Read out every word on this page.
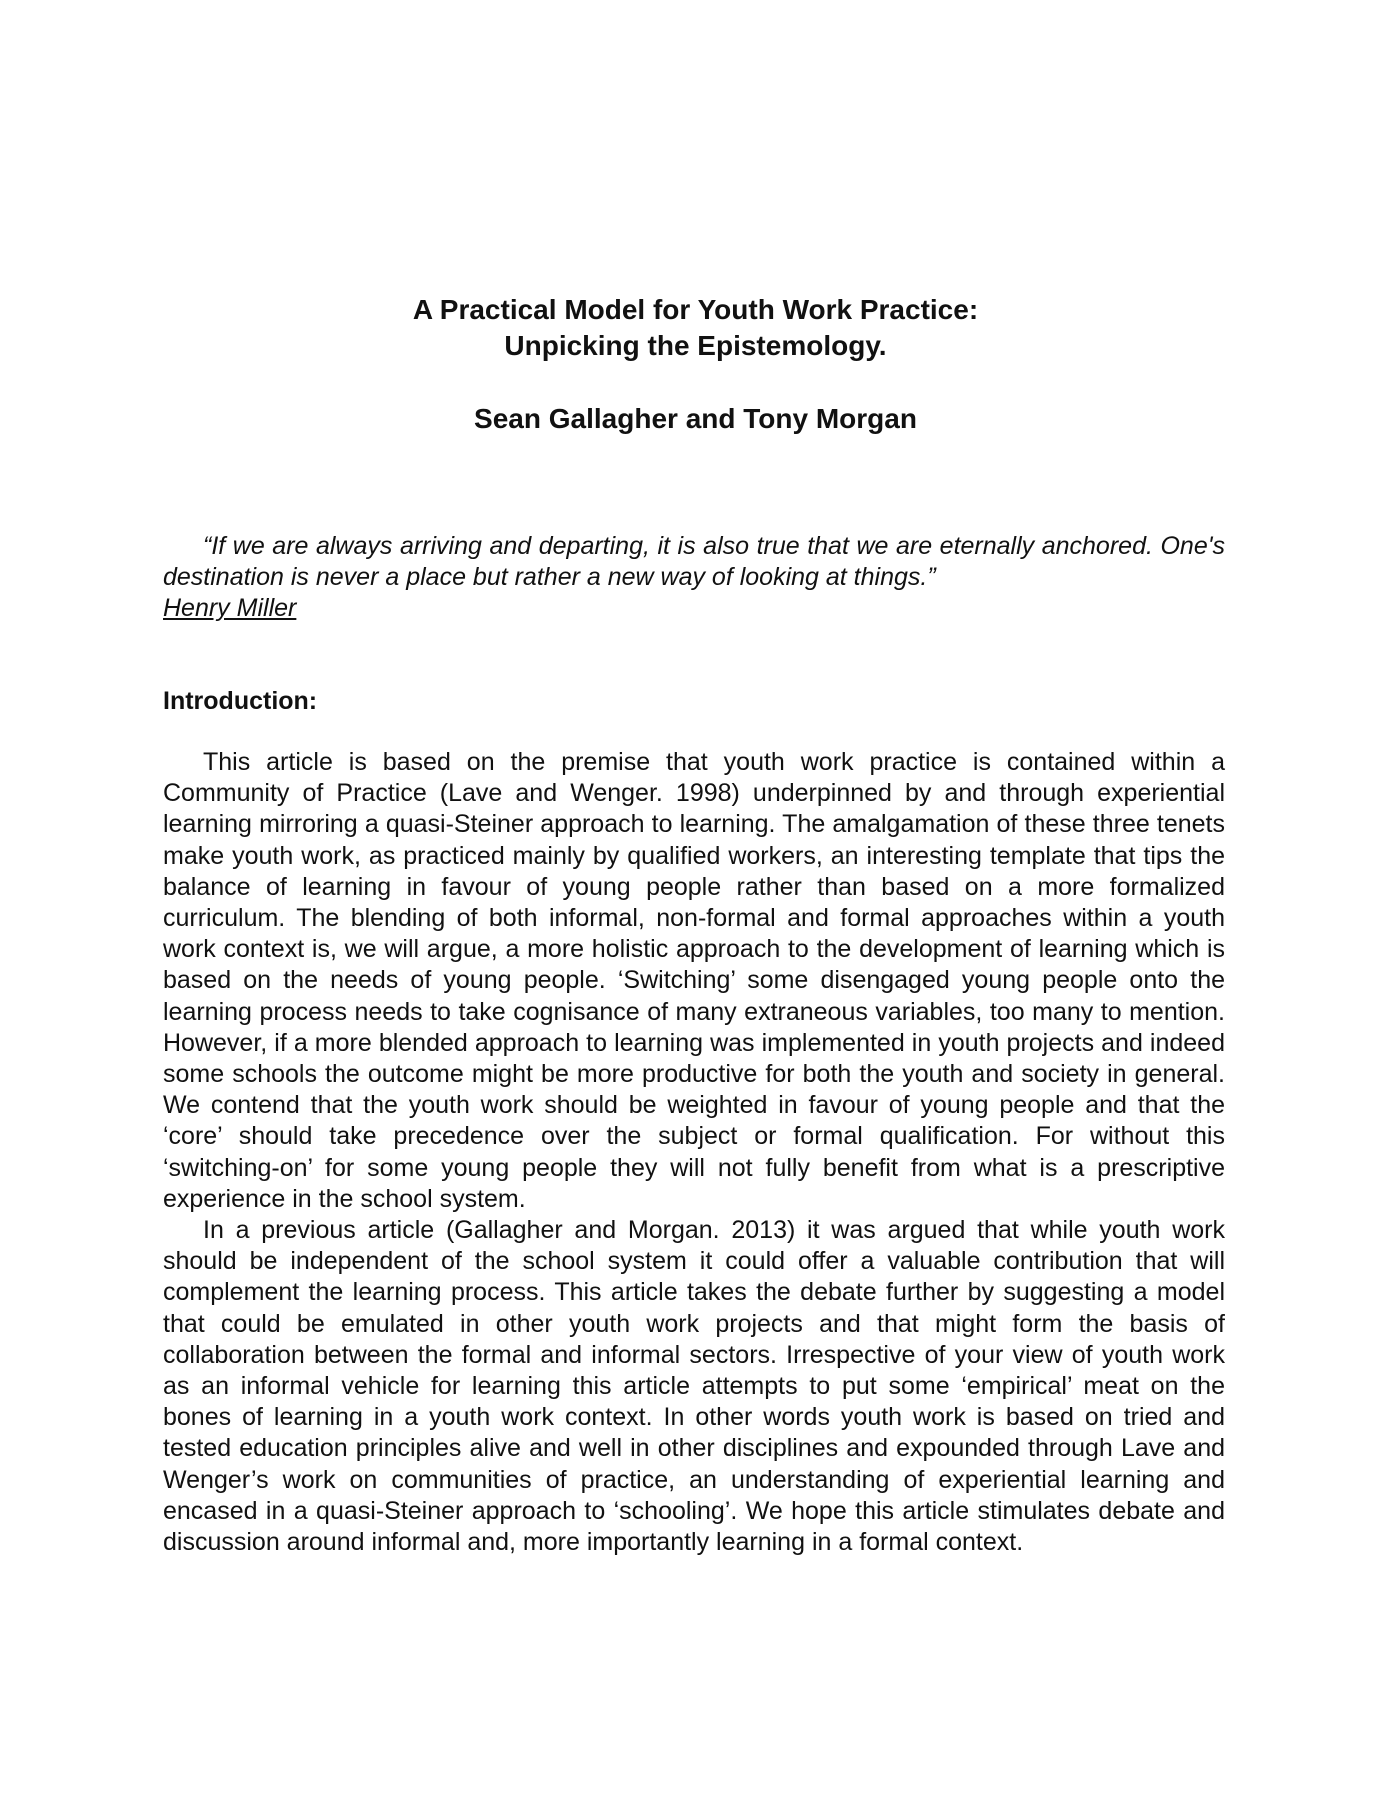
A Practical Model for Youth Work Practice:
Unpicking the Epistemology.
Sean Gallagher and Tony Morgan

“If we are always arriving and departing, it is also true that we are eternally anchored. One's destination is never a place but rather a new way of looking at things.”

Henry Miller

Introduction:

This article is based on the premise that youth work practice is contained within a Community of Practice (Lave and Wenger. 1998) underpinned by and through experiential learning mirroring a quasi-Steiner approach to learning. The amalgamation of these three tenets make youth work, as practiced mainly by qualified workers, an interesting template that tips the balance of learning in favour of young people rather than based on a more formalized curriculum. The blending of both informal, non-formal and formal approaches within a youth work context is, we will argue, a more holistic approach to the development of learning which is based on the needs of young people. ‘Switching’ some disengaged young people onto the learning process needs to take cognisance of many extraneous variables, too many to mention. However, if a more blended approach to learning was implemented in youth projects and indeed some schools the outcome might be more productive for both the youth and society in general. We contend that the youth work should be weighted in favour of young people and that the ‘core’ should take precedence over the subject or formal qualification. For without this ‘switching-on’ for some young people they will not fully benefit from what is a prescriptive experience in the school system.

In a previous article (Gallagher and Morgan. 2013) it was argued that while youth work should be independent of the school system it could offer a valuable contribution that will complement the learning process. This article takes the debate further by suggesting a model that could be emulated in other youth work projects and that might form the basis of collaboration between the formal and informal sectors. Irrespective of your view of youth work as an informal vehicle for learning this article attempts to put some ‘empirical’ meat on the bones of learning in a youth work context. In other words youth work is based on tried and tested education principles alive and well in other disciplines and expounded through Lave and Wenger’s work on communities of practice, an understanding of experiential learning and encased in a quasi-Steiner approach to ‘schooling’. We hope this article stimulates debate and discussion around informal and, more importantly learning in a formal context.
